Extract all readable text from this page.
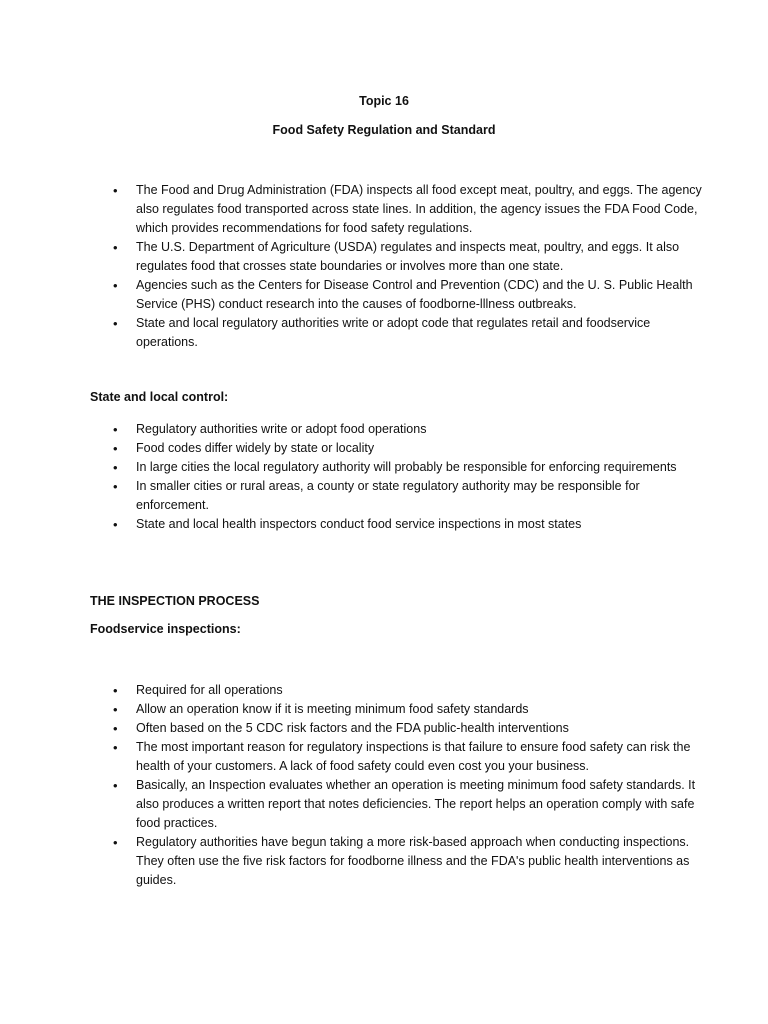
Topic 16

Food Safety Regulation and Standard

• The Food and Drug Administration (FDA) inspects all food except meat, poultry, and eggs. The agency also regulates food transported across state lines. In addition, the agency issues the FDA Food Code, which provides recommendations for food safety regulations.
• The U.S. Department of Agriculture (USDA) regulates and inspects meat, poultry, and eggs. It also regulates food that crosses state boundaries or involves more than one state.
• Agencies such as the Centers for Disease Control and Prevention (CDC) and the U. S. Public Health Service (PHS) conduct research into the causes of foodborne-lllness outbreaks.
• State and local regulatory authorities write or adopt code that regulates retail and foodservice operations.

State and local control:

• Regulatory authorities write or adopt food operations
• Food codes differ widely by state or locality
• In large cities the local regulatory authority will probably be responsible for enforcing requirements
• In smaller cities or rural areas, a county or state regulatory authority may be responsible for enforcement.
• State and local health inspectors conduct food service inspections in most states

THE INSPECTION PROCESS

Foodservice inspections:

• Required for all operations
• Allow an operation know if it is meeting minimum food safety standards
• Often based on the 5 CDC risk factors and the FDA public-health interventions
• The most important reason for regulatory inspections is that failure to ensure food safety can risk the health of your customers. A lack of food safety could even cost you your business.
• Basically, an Inspection evaluates whether an operation is meeting minimum food safety standards. It also produces a written report that notes deficiencies. The report helps an operation comply with safe food practices.
• Regulatory authorities have begun taking a more risk-based approach when conducting inspections. They often use the five risk factors for foodborne illness and the FDA's public health interventions as guides.
